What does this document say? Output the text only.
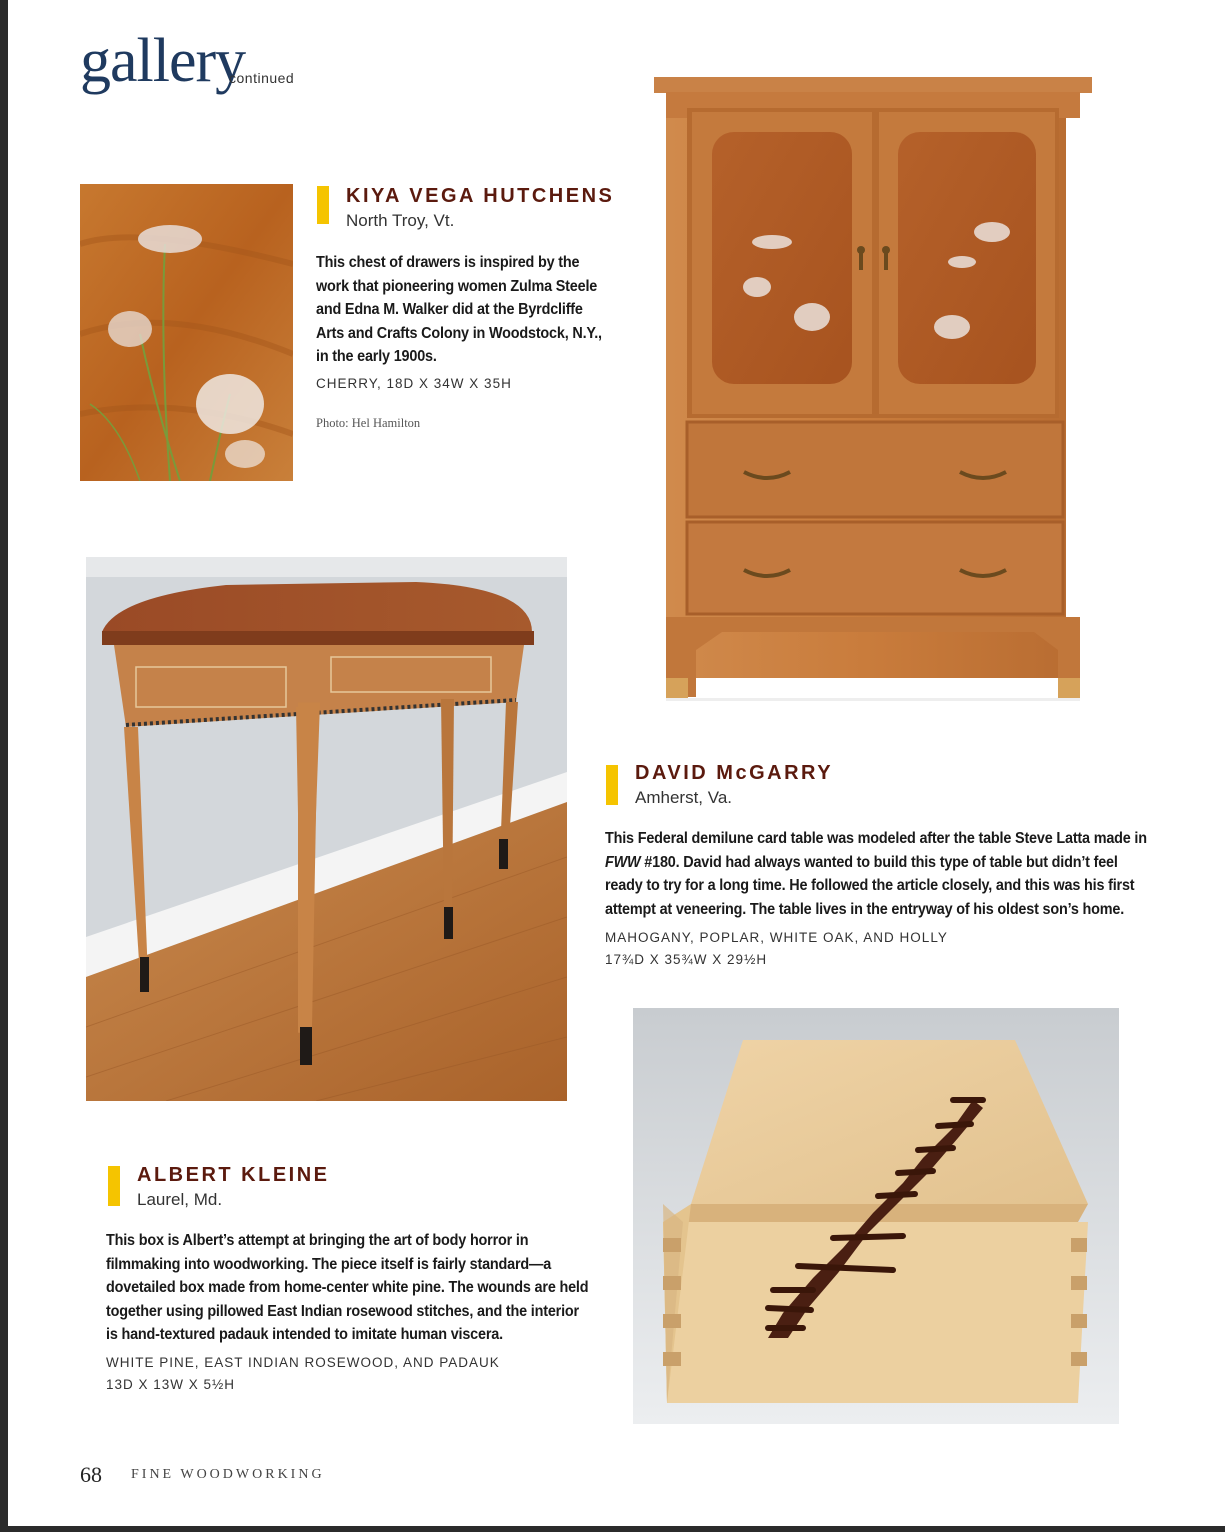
gallery
continued
KIYA VEGA HUTCHENS
North Troy, Vt.
This chest of drawers is inspired by the work that pioneering women Zulma Steele and Edna M. Walker did at the Byrdcliffe Arts and Crafts Colony in Woodstock, N.Y., in the early 1900s.
CHERRY, 18D X 34W X 35H
Photo: Hel Hamilton
DAVID McGARRY
Amherst, Va.
This Federal demilune card table was modeled after the table Steve Latta made in FWW #180. David had always wanted to build this type of table but didn’t feel ready to try for a long time. He followed the article closely, and this was his first attempt at veneering. The table lives in the entryway of his oldest son’s home.
MAHOGANY, POPLAR, WHITE OAK, AND HOLLY
17¾D X 35¾W X 29½H
ALBERT KLEINE
Laurel, Md.
This box is Albert’s attempt at bringing the art of body horror in filmmaking into woodworking. The piece itself is fairly standard—a dovetailed box made from home-center white pine. The wounds are held together using pillowed East Indian rosewood stitches, and the interior is hand-textured padauk intended to imitate human viscera.
WHITE PINE, EAST INDIAN ROSEWOOD, AND PADAUK
13D X 13W X 5½H
68 FINE WOODWORKING
